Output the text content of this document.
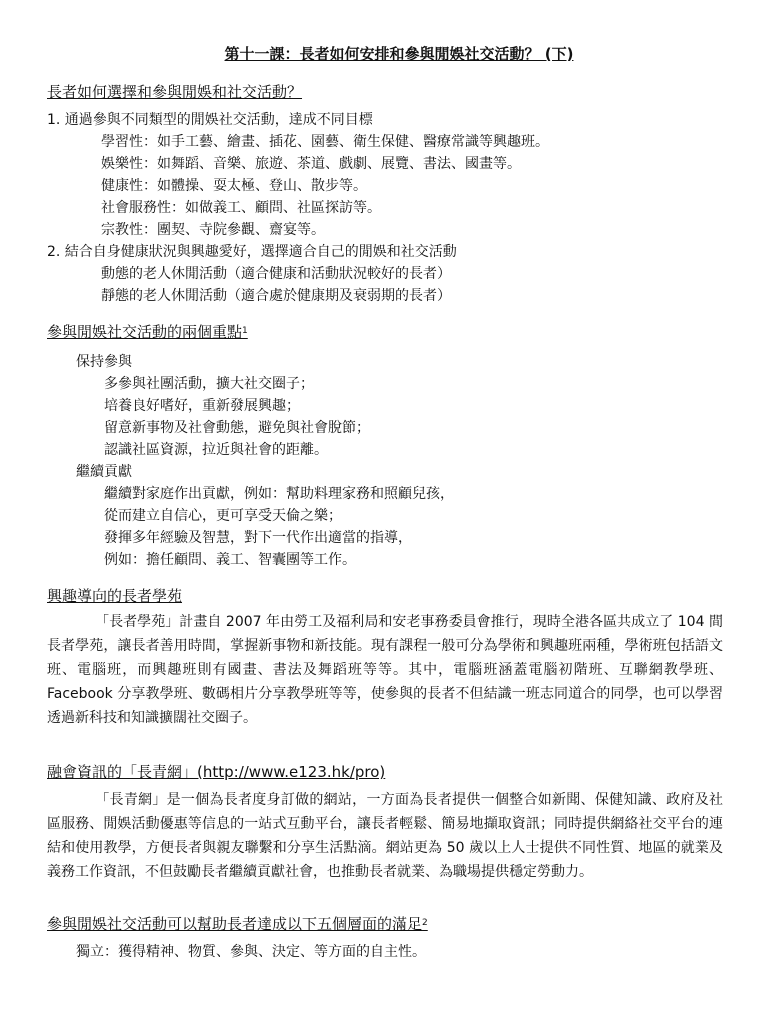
第十一課：長者如何安排和參與閒娛社交活動？ (下)
長者如何選擇和參與閒娛和社交活動？
1. 通過參與不同類型的閒娛社交活動，達成不同目標
學習性：如手工藝、繪畫、插花、園藝、衛生保健、醫療常識等興趣班。
娛樂性：如舞蹈、音樂、旅遊、茶道、戲劇、展覽、書法、國畫等。
健康性：如體操、耍太極、登山、散步等。
社會服務性：如做義工、顧問、社區探訪等。
宗教性：團契、寺院參觀、齋宴等。
2. 結合自身健康狀況與興趣愛好，選擇適合自己的閒娛和社交活動
動態的老人休閒活動（適合健康和活動狀況較好的長者）
靜態的老人休閒活動（適合處於健康期及衰弱期的長者）
參與閒娛社交活動的兩個重點$^1$
保持參與
多參與社團活動，擴大社交圈子；
培養良好嗜好，重新發展興趣；
留意新事物及社會動態，避免與社會脫節；
認識社區資源，拉近與社會的距離。
繼續貢獻
繼續對家庭作出貢獻，例如：幫助料理家務和照顧兒孩，
從而建立自信心，更可享受天倫之樂；
發揮多年經驗及智慧，對下一代作出適當的指導，
例如：擔任顧問、義工、智囊團等工作。
興趣導向的長者學苑
「長者學苑」計畫自 2007 年由勞工及福利局和安老事務委員會推行，現時全港各區共成立了 104 間長者學苑，讓長者善用時間，掌握新事物和新技能。現有課程一般可分為學術和興趣班兩種，學術班包括語文班、電腦班，而興趣班則有國畫、書法及舞蹈班等等。其中，電腦班涵蓋電腦初階班、互聯網教學班、Facebook 分享教學班、數碼相片分享教學班等等，使參與的長者不但結識一班志同道合的同學，也可以學習透過新科技和知識擴闊社交圈子。
融會資訊的「長青網」(http://www.e123.hk/pro)
「長青網」是一個為長者度身訂做的網站，一方面為長者提供一個整合如新聞、保健知識、政府及社區服務、閒娛活動優惠等信息的一站式互動平台，讓長者輕鬆、簡易地擷取資訊；同時提供網絡社交平台的連結和使用教學，方便長者與親友聯繫和分享生活點滴。網站更為 50 歲以上人士提供不同性質、地區的就業及義務工作資訊，不但鼓勵長者繼續貢獻社會，也推動長者就業、為職場提供穩定勞動力。
參與閒娛社交活動可以幫助長者達成以下五個層面的滿足$^2$
獨立：獲得精神、物質、參與、決定、等方面的自主性。
